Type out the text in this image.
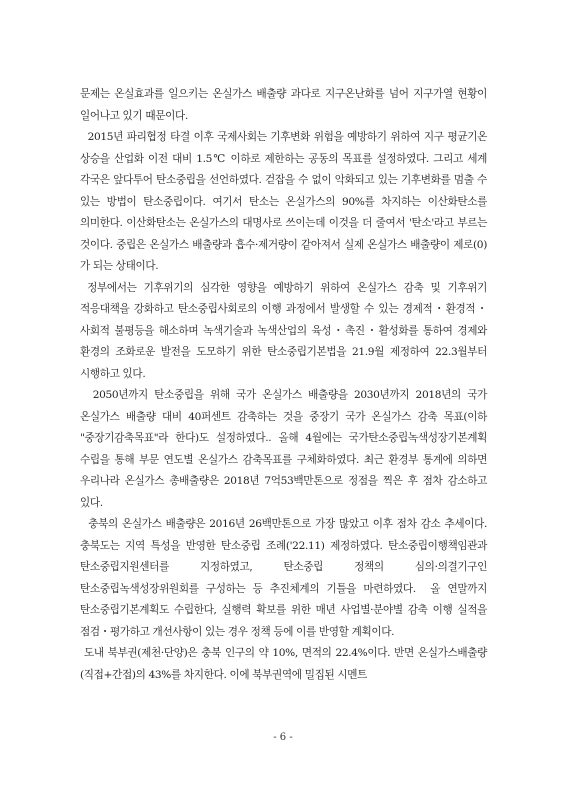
문제는 온실효과를 일으키는 온실가스 배출량 과다로 지구온난화를 넘어 지구가열 현황이 일어나고 있기 때문이다.

2015년 파리협정 타결 이후 국제사회는 기후변화 위험을 예방하기 위하여 지구 평균기온 상승을 산업화 이전 대비 1.5℃ 이하로 제한하는 공동의 목표를 설정하였다. 그리고 세계 각국은 앞다투어 탄소중립을 선언하였다. 걷잡을 수 없이 악화되고 있는 기후변화를 멈출 수 있는 방법이 탄소중립이다. 여기서 탄소는 온실가스의 90%를 차지하는 이산화탄소를 의미한다. 이산화탄소는 온실가스의 대명사로 쓰이는데 이것을 더 줄여서 '탄소'라고 부르는 것이다. 중립은 온실가스 배출량과 흡수·제거량이 같아져서 실제 온실가스 배출량이 제로(0)가 되는 상태이다.

정부에서는 기후위기의 심각한 영향을 예방하기 위하여 온실가스 감축 및 기후위기 적응대책을 강화하고 탄소중립사회로의 이행 과정에서 발생할 수 있는 경제적・환경적・사회적 불평등을 해소하며 녹색기술과 녹색산업의 육성・촉진・활성화를 통하여 경제와 환경의 조화로운 발전을 도모하기 위한 탄소중립기본법을 21.9월 제정하여 22.3월부터 시행하고 있다.

2050년까지 탄소중립을 위해 국가 온실가스 배출량을 2030년까지 2018년의 국가 온실가스 배출량 대비 40퍼센트 감축하는 것을 중장기 국가 온실가스 감축 목표(이하 "중장기감축목표"라 한다)도 설정하였다.. 올해 4월에는 국가탄소중립녹색성장기본계획 수립을 통해 부문 연도별 온실가스 감축목표를 구체화하였다. 최근 환경부 통계에 의하면 우리나라 온실가스 총배출량은 2018년 7억53백만톤으로 정점을 찍은 후 점차 감소하고 있다.

충북의 온실가스 배출량은 2016년 26백만톤으로 가장 많았고 이후 점차 감소 추세이다. 충북도는 지역 특성을 반영한 탄소중립 조례('22.11) 제정하였다. 탄소중립이행책임관과 탄소중립지원센터를 지정하였고, 탄소중립 정책의 심의·의결기구인 탄소중립녹색성장위원회를 구성하는 등 추진체계의 기틀을 마련하였다.  올 연말까지 탄소중립기본계획도 수립한다, 실행력 확보를 위한 매년 사업별·분야별 감축 이행 실적을 점검・평가하고 개선사항이 있는 경우 정책 등에 이를 반영할 계획이다.

도내 북부권(제천·단양)은 충북 인구의 약 10%, 면적의 22.4%이다. 반면 온실가스배출량(직접+간접)의 43%를 차지한다. 이에 북부권역에 밀집된 시멘트

- 6 -
